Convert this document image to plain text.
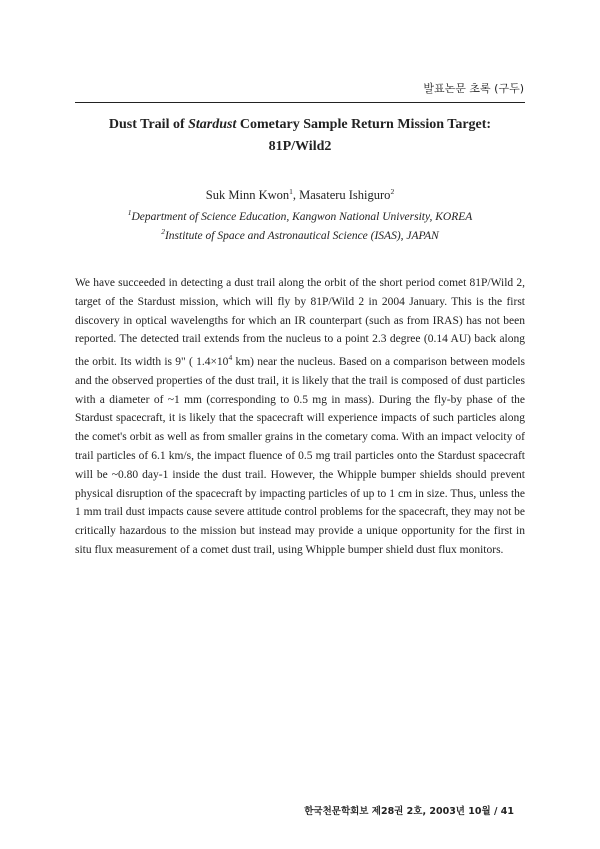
발표논문 초록 (구두)
Dust Trail of Stardust Cometary Sample Return Mission Target:
81P/Wild2
Suk Minn Kwon$^1$, Masateru Ishiguro$^2$
$^1$Department of Science Education, Kangwon National University, KOREA
$^2$Institute of Space and Astronautical Science (ISAS), JAPAN
We have succeeded in detecting a dust trail along the orbit of the short period comet 81P/Wild 2, target of the Stardust mission, which will fly by 81P/Wild 2 in 2004 January. This is the first discovery in optical wavelengths for which an IR counterpart (such as from IRAS) has not been reported. The detected trail extends from the nucleus to a point 2.3 degree (0.14 AU) back along the orbit. Its width is 9" ( $1.4\times 10^4$ km) near the nucleus. Based on a comparison between models and the observed properties of the dust trail, it is likely that the trail is composed of dust particles with a diameter of ~1 mm (corresponding to 0.5 mg in mass). During the fly-by phase of the Stardust spacecraft, it is likely that the spacecraft will experience impacts of such particles along the comet's orbit as well as from smaller grains in the cometary coma. With an impact velocity of trail particles of 6.1 km/s, the impact fluence of 0.5 mg trail particles onto the Stardust spacecraft will be ~0.80 day-1 inside the dust trail. However, the Whipple bumper shields should prevent physical disruption of the spacecraft by impacting particles of up to 1 cm in size. Thus, unless the 1 mm trail dust impacts cause severe attitude control problems for the spacecraft, they may not be critically hazardous to the mission but instead may provide a unique opportunity for the first in situ flux measurement of a comet dust trail, using Whipple bumper shield dust flux monitors.
한국천문학회보 제28권 2호, 2003년 10월 / 41
